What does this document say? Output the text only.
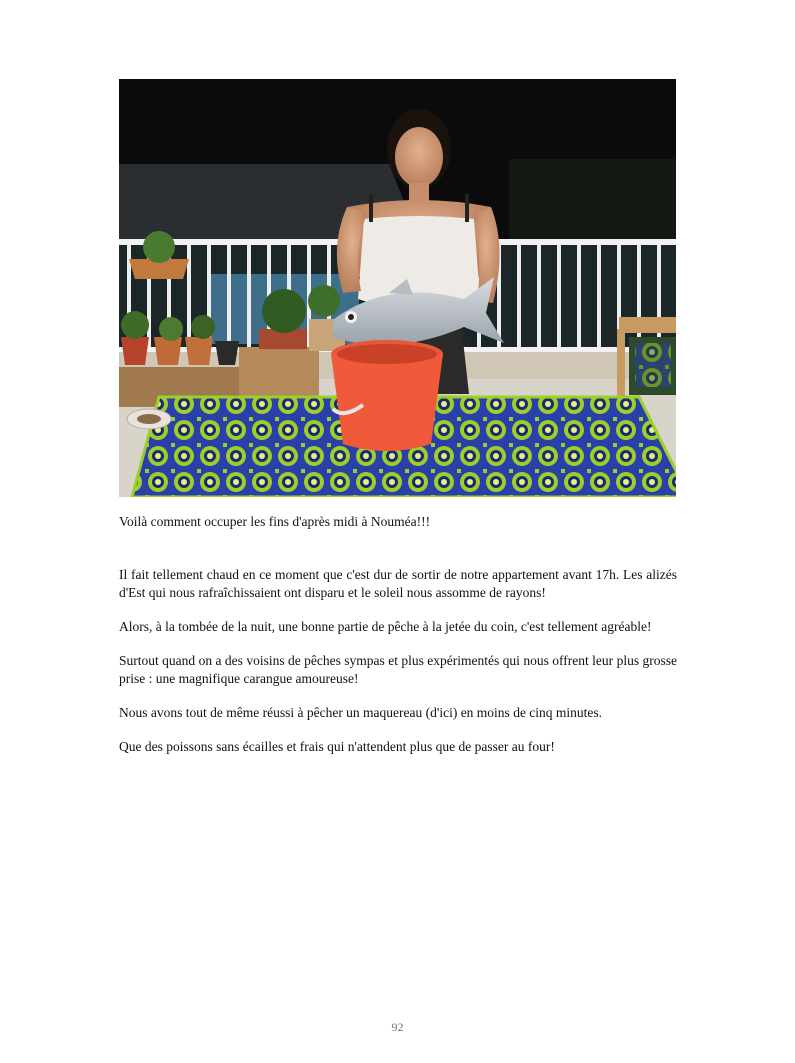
Voilà comment occuper les fins d'après midi à Nouméa!!!

Il fait tellement chaud en ce moment que c'est dur de sortir de notre appartement avant 17h. Les alizés d'Est qui nous rafraîchissaient ont disparu et le soleil nous assomme de rayons!

Alors, à la tombée de la nuit, une bonne partie de pêche à la jetée du coin, c'est tellement agréable!

Surtout quand on a des voisins de pêches sympas et plus expérimentés qui nous offrent leur plus grosse prise : une magnifique carangue amoureuse!

Nous avons tout de même réussi à pêcher un maquereau (d'ici) en moins de cinq minutes.

Que des poissons sans écailles et frais qui n'attendent plus que de passer au four!

92
